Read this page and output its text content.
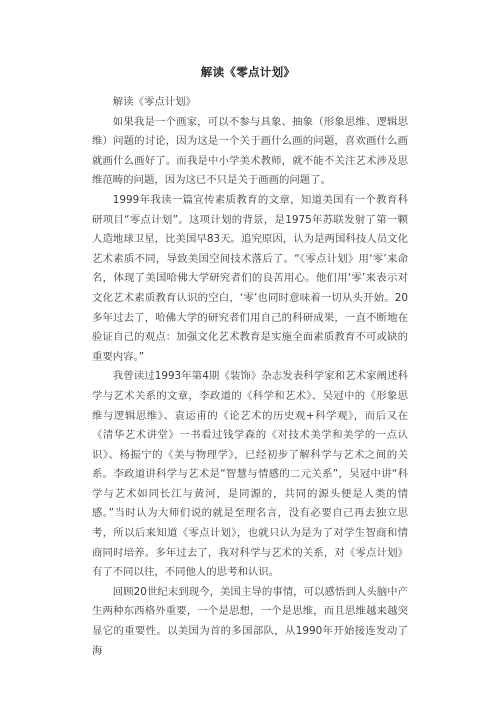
解读《零点计划》

解读《零点计划》

如果我是一个画家，可以不参与具象、抽象（形象思维、逻辑思维）问题的讨论，因为这是一个关于画什么画的问题，喜欢画什么画就画什么画好了。而我是中小学美术教师，就不能不关注艺术涉及思维范畴的问题，因为这已不只是关于画画的问题了。

1999年我读一篇宣传素质教育的文章，知道美国有一个教育科研项目“零点计划”。这项计划的背景，是1975年苏联发射了第一颗人造地球卫星，比美国早83天。追究原因，认为是两国科技人员文化艺术素质不同，导致美国空间技术落后了。“《零点计划》用‘零’来命名，体现了美国哈佛大学研究者们的良苦用心。他们用‘零’来表示对文化艺术素质教育认识的空白，‘零’也同时意味着一切从头开始。20多年过去了，哈佛大学的研究者们用自己的科研成果，一直不断地在验证自己的观点：加强文化艺术教育是实施全面素质教育不可或缺的重要内容。”

我曾读过1993年第4期《装饰》杂志发表科学家和艺术家阐述科学与艺术关系的文章，李政道的《科学和艺术》、吴冠中的《形象思维与逻辑思维》、袁运甫的《论艺术的历史观+科学观》，而后又在《清华艺术讲堂》一书看过钱学森的《对技术美学和美学的一点认识》、杨振宁的《美与物理学》，已经初步了解科学与艺术之间的关系。李政道讲科学与艺术是“智慧与情感的二元关系”，吴冠中讲“科学与艺术如同长江与黄河，是同源的，共同的源头便是人类的情感。”当时认为大师们说的就是至理名言，没有必要自己再去独立思考，所以后来知道《零点计划》，也就只认为是为了对学生智商和情商同时培养。多年过去了，我对科学与艺术的关系，对《零点计划》有了不同以往，不同他人的思考和认识。

回顾20世纪末到现今，美国主导的事情，可以感悟到人头脑中产生两种东西格外重要，一个是思想，一个是思维，而且思维越来越突显它的重要性。以美国为首的多国部队，从1990年开始接连发动了海
